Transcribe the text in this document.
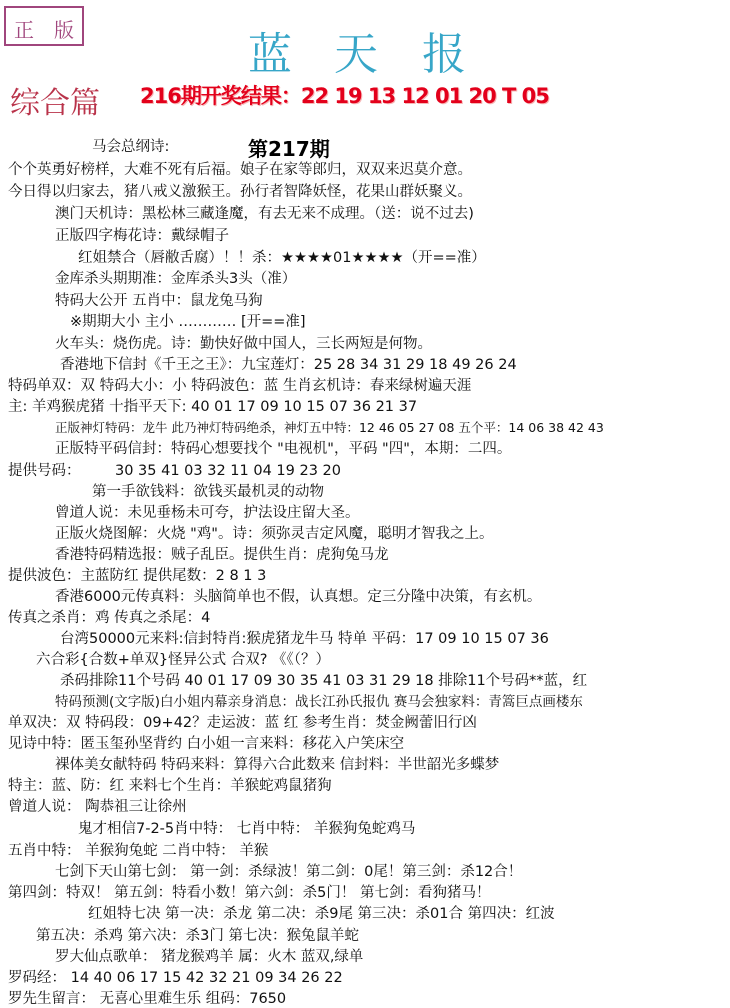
正 版	蓝 天 报
综合篇 216期开奖结果：22 19 13 12 01 20 T 05
第217期
马会总纲诗:
个个英勇好榜样，大难不死有后福。娘子在家等郎归，双双来迟莫介意。
今日得以归家去，猪八戒义激猴王。孙行者智降妖怪，花果山群妖聚义。
澳门天机诗：黑松林三藏逢魔，有去无来不成理。（送：说不过去)
正版四字梅花诗：戴绿帽子
红姐禁合（唇敝舌腐）！！杀：★★★★01★★★★（开==准）
金库杀头期期准：金库杀头3头（准）
特码大公开 五肖中：鼠龙兔马狗
※期期大小 主小 ………… [开==准]
火车头：烧伤虎。诗：勤快好做中国人，三长两短是何物。
香港地下信封《千王之王》：九宝莲灯：25 28 34 31 29 18 49 26 24
特码单双：双 特码大小：小 特码波色：蓝 生肖玄机诗：春来绿树遍天涯
主: 羊鸡猴虎猪 十指平天下: 40 01 17 09 10 15 07 36 21 37
正版神灯特码：龙牛 此乃神灯特码绝杀，神灯五中特：12 46 05 27 08 五个平：14 06 38 42 43
正版特平码信封：特码心想要找个 "电视机"，平码 "四"，本期：二四。
提供号码： 30 35 41 03 32 11 04 19 23 20
第一手欲钱料：欲钱买最机灵的动物
曾道人说：未见垂杨未可夸，护法设庄留大圣。
正版火烧图解：火烧 "鸡"。诗：须弥灵吉定风魔，聪明才智我之上。
香港特码精选报：贼子乱臣。提供生肖：虎狗兔马龙
提供波色：主蓝防红 提供尾数：2 8 1 3
香港6000元传真料：头脑简单也不假，认真想。定三分隆中决策，有玄机。
传真之杀肖：鸡 传真之杀尾：4
台湾50000元来料:信封特肖:猴虎猪龙牛马 特单 平码：17 09 10 15 07 36
六合彩{合数+单双}怪异公式 合双? 《《（？）
杀码排除11个号码 40 01 17 09 30 35 41 03 31 29 18 排除11个号码**蓝，红
特码预测(文字版)白小姐内幕亲身消息：战长江孙氏报仇 赛马会独家料：青篙巨点画楼东
单双决：双 特码段：09+42？走运波：蓝 红 参考生肖：焚金阙蕾旧行凶
见诗中特：匿玉玺孙坚背约 白小姐一言来料：移花入户笑床空
裸体美女献特码 特码来料：算得六合此数来 信封料：半世韶光多蝶梦
特主：蓝、防：红 来料七个生肖：羊猴蛇鸡鼠猪狗
曾道人说： 陶恭祖三让徐州
鬼才相信7-2-5肖中特： 七肖中特： 羊猴狗兔蛇鸡马
五肖中特： 羊猴狗兔蛇 二肖中特： 羊猴
七剑下天山第七剑： 第一剑：杀绿波！第二剑：0尾！第三剑：杀12合！
第四剑：特双！ 第五剑：特看小数！第六剑：杀5门！ 第七剑：看狗猪马！
红姐特七决 第一决：杀龙 第二决：杀9尾 第三决：杀01合 第四决：红波
第五决：杀鸡 第六决：杀3门 第七决：猴兔鼠羊蛇
罗大仙点歌单： 猪龙猴鸡羊 属：火木 蓝双,绿单
罗码经： 14 40 06 17 15 42 32 21 09 34 26 22
罗先生留言： 无喜心里难生乐 组码：7650
